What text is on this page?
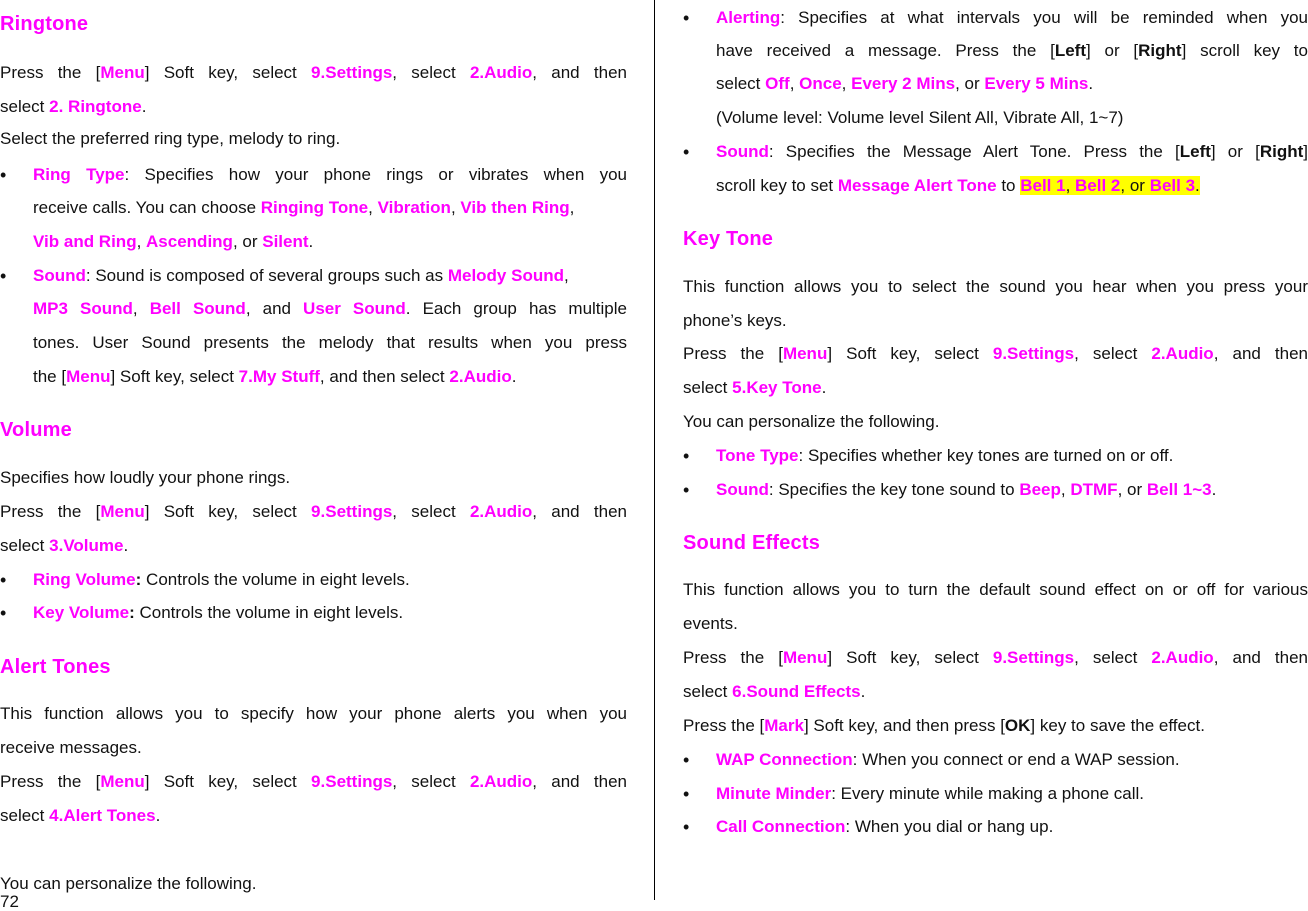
Ringtone
Press the [Menu] Soft key, select 9.Settings, select 2.Audio, and then
select 2. Ringtone.
Select the preferred ring type, melody to ring.
• Ring Type: Specifies how your phone rings or vibrates when you
receive calls. You can choose Ringing Tone, Vibration, Vib then Ring,
Vib and Ring, Ascending, or Silent.
• Sound: Sound is composed of several groups such as Melody Sound,
MP3 Sound, Bell Sound, and User Sound. Each group has multiple
tones. User Sound presents the melody that results when you press
the [Menu] Soft key, select 7.My Stuff, and then select 2.Audio.
Volume
Specifies how loudly your phone rings.
Press the [Menu] Soft key, select 9.Settings, select 2.Audio, and then
select 3.Volume.
• Ring Volume: Controls the volume in eight levels.
• Key Volume: Controls the volume in eight levels.
Alert Tones
This function allows you to specify how your phone alerts you when you
receive messages.
Press the [Menu] Soft key, select 9.Settings, select 2.Audio, and then
select 4.Alert Tones.
You can personalize the following.
72
• Alerting: Specifies at what intervals you will be reminded when you
have received a message. Press the [Left] or [Right] scroll key to
select Off, Once, Every 2 Mins, or Every 5 Mins.
(Volume level: Volume level Silent All, Vibrate All, 1~7)
• Sound: Specifies the Message Alert Tone. Press the [Left] or [Right]
scroll key to set Message Alert Tone to Bell 1, Bell 2, or Bell 3.
Key Tone
This function allows you to select the sound you hear when you press your
phone’s keys.
Press the [Menu] Soft key, select 9.Settings, select 2.Audio, and then
select 5.Key Tone.
You can personalize the following.
• Tone Type: Specifies whether key tones are turned on or off.
• Sound: Specifies the key tone sound to Beep, DTMF, or Bell 1~3.
Sound Effects
This function allows you to turn the default sound effect on or off for various
events.
Press the [Menu] Soft key, select 9.Settings, select 2.Audio, and then
select 6.Sound Effects.
Press the [Mark] Soft key, and then press [OK] key to save the effect.
• WAP Connection: When you connect or end a WAP session.
• Minute Minder: Every minute while making a phone call.
• Call Connection: When you dial or hang up.
